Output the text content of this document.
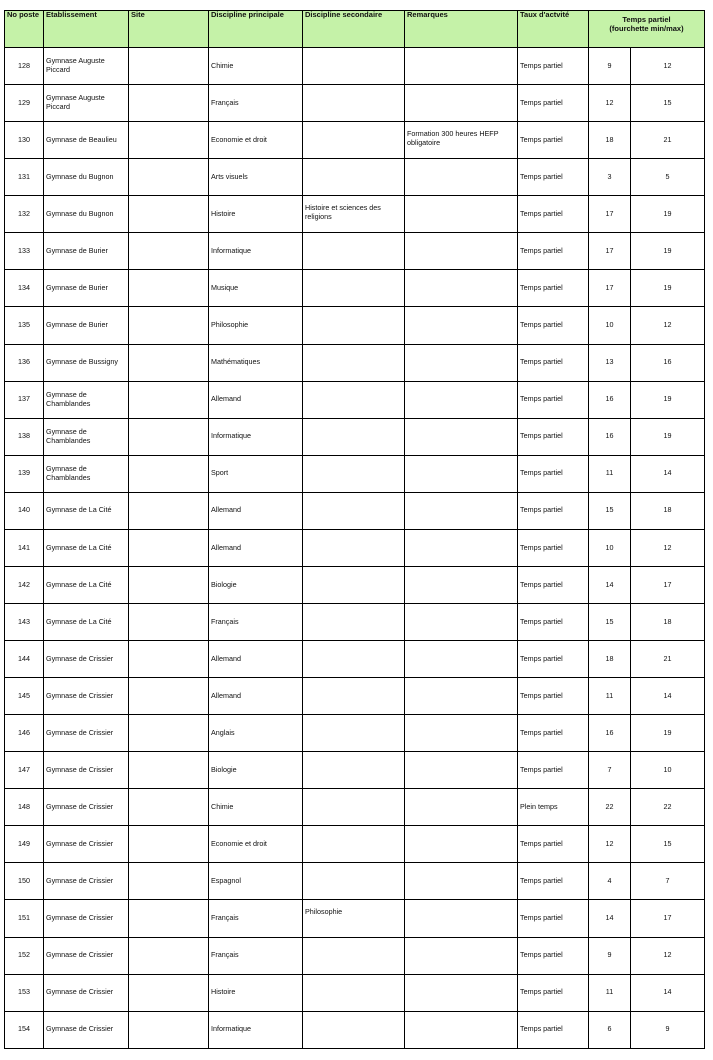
No poste	Etablissement	Site	Discipline principale	Discipline secondaire	Remarques	Taux d'actvité	Temps partiel
(fourchette min/max)	
128	Gymnase Auguste Piccard		Chimie			Temps partiel	9	12
129	Gymnase Auguste Piccard		Français			Temps partiel	12	15
130	Gymnase de Beaulieu		Economie et droit		Formation 300 heures HEFP obligatoire	Temps partiel	18	21
131	Gymnase du Bugnon		Arts visuels			Temps partiel	3	5
132	Gymnase du Bugnon		Histoire	Histoire et sciences des religions		Temps partiel	17	19
133	Gymnase de Burier		Informatique			Temps partiel	17	19
134	Gymnase de Burier		Musique			Temps partiel	17	19
135	Gymnase de Burier		Philosophie			Temps partiel	10	12
136	Gymnase de Bussigny		Mathématiques			Temps partiel	13	16
137	Gymnase de Chamblandes		Allemand			Temps partiel	16	19
138	Gymnase de Chamblandes		Informatique			Temps partiel	16	19
139	Gymnase de Chamblandes		Sport			Temps partiel	11	14
140	Gymnase de La Cité		Allemand			Temps partiel	15	18
141	Gymnase de La Cité		Allemand			Temps partiel	10	12
142	Gymnase de La Cité		Biologie			Temps partiel	14	17
143	Gymnase de La Cité		Français			Temps partiel	15	18
144	Gymnase de Crissier		Allemand			Temps partiel	18	21
145	Gymnase de Crissier		Allemand			Temps partiel	11	14
146	Gymnase de Crissier		Anglais			Temps partiel	16	19
147	Gymnase de Crissier		Biologie			Temps partiel	7	10
148	Gymnase de Crissier		Chimie			Plein temps	22	22
149	Gymnase de Crissier		Economie et droit			Temps partiel	12	15
150	Gymnase de Crissier		Espagnol			Temps partiel	4	7
151	Gymnase de Crissier		Français	Philosophie		Temps partiel	14	17
152	Gymnase de Crissier		Français			Temps partiel	9	12
153	Gymnase de Crissier		Histoire			Temps partiel	11	14
154	Gymnase de Crissier		Informatique			Temps partiel	6	9
